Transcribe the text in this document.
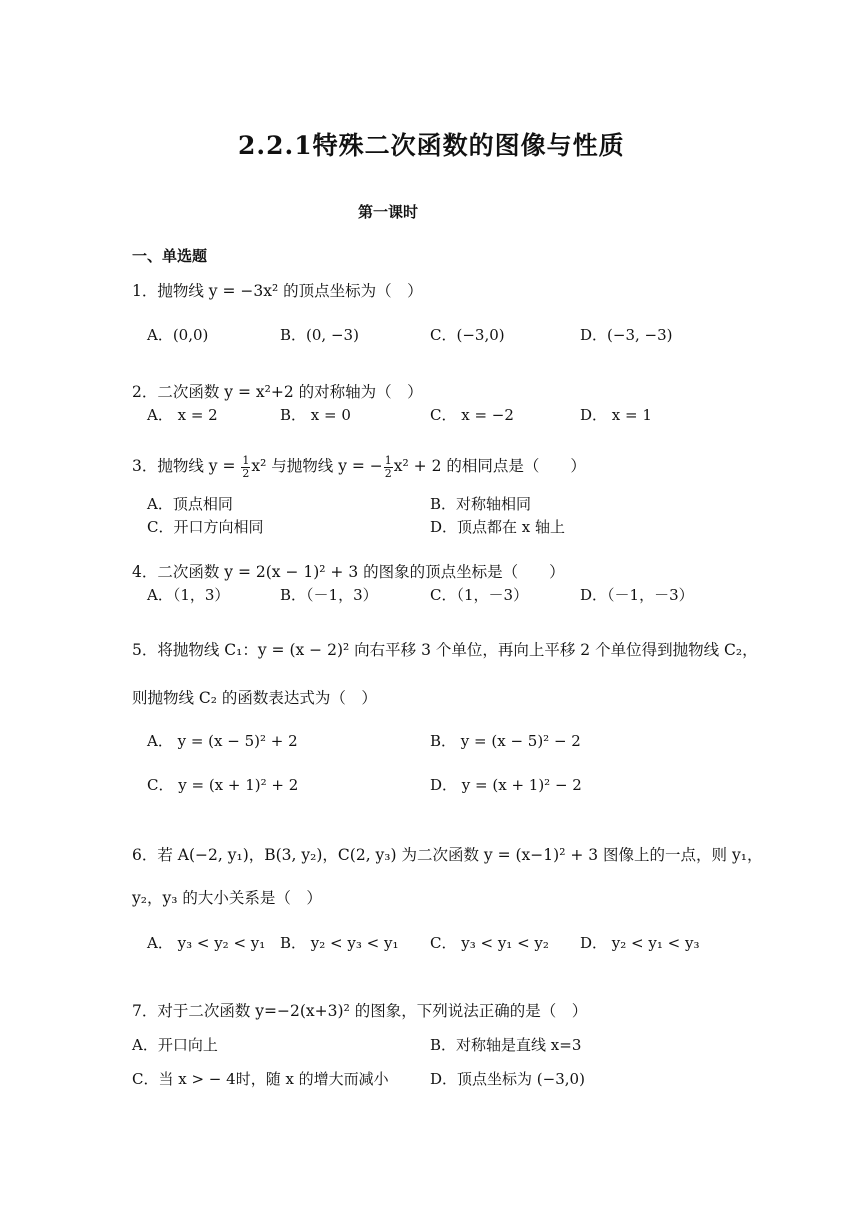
2.2.1特殊二次函数的图像与性质
第一课时
一、单选题
1．抛物线 y = −3x² 的顶点坐标为（　）
A．(0,0)	B．(0, −3)	C．(−3,0)	D．(−3, −3)
2．二次函数 y = x²+2 的对称轴为（　）
A． x = 2	B． x = 0	C． x = −2	D． x = 1
3．抛物线 $y = \frac{1}{2} x^2$ 与抛物线 y = − $\frac{1}{2} x^2 + 2$ 的相同点是（　　）
A．顶点相同	B．对称轴相同
C．开口方向相同	D．顶点都在 x 轴上
4．二次函数 y = 2(x − 1)² + 3 的图象的顶点坐标是（　　）
A．（1，3）	B．（－1，3）	C．（1，－3）	D．（－1，－3）
5．将抛物线 C₁：y = (x − 2)² 向右平移 3 个单位，再向上平移 2 个单位得到抛物线 C₂，
则抛物线 C₂ 的函数表达式为（　）
A． y = (x − 5)² + 2	B． y = (x − 5)² − 2
C． y = (x + 1)² + 2	D． y = (x + 1)² − 2
6．若 A(−2, y₁)，B(3, y₂)，C(2, y₃) 为二次函数 y = (x−1)² + 3 图像上的一点，则 y₁，
y₂，y₃ 的大小关系是（　）
A． y₃ < y₂ < y₁ B． y₂ < y₃ < y₁ C． y₃ < y₁ < y₂ D． y₂ < y₁ < y₃
7．对于二次函数 y=−2(x+3)² 的图象，下列说法正确的是（　）
A．开口向上	B．对称轴是直线 x=3
C．当 x > − 4时，随 x 的增大而减小	D．顶点坐标为 (−3,0)
